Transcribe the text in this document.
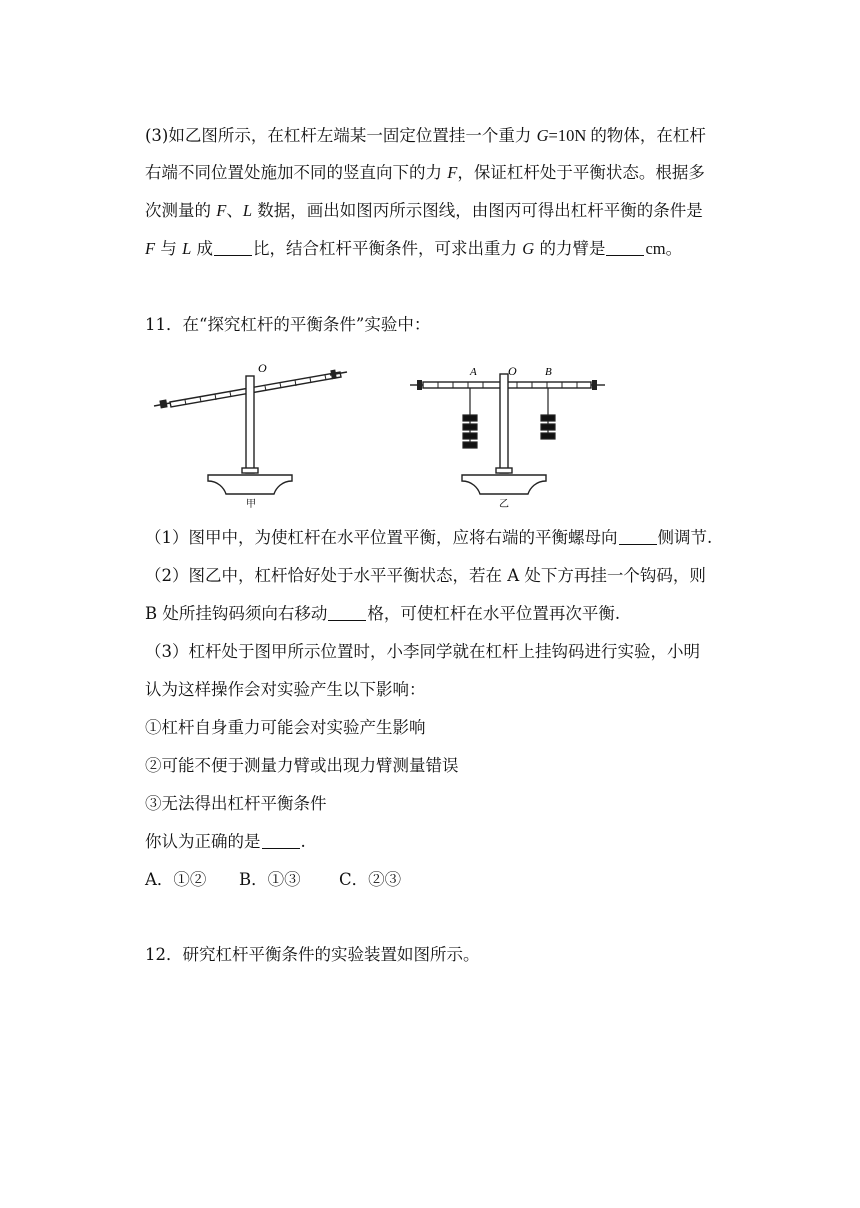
(3)如乙图所示，在杠杆左端某一固定位置挂一个重力 G=10N 的物体，在杠杆
右端不同位置处施加不同的竖直向下的力 F，保证杠杆处于平衡状态。根据多
次测量的 F、L 数据，画出如图丙所示图线，由图丙可得出杠杆平衡的条件是
F 与 L 成 比，结合杠杆平衡条件，可求出重力 G 的力臂是 cm。
11．在“探究杠杆的平衡条件”实验中：
O
甲
A	O	B
乙
（1）图甲中，为使杠杆在水平位置平衡，应将右端的平衡螺母向 侧调节.
（2）图乙中，杠杆恰好处于水平平衡状态，若在 A 处下方再挂一个钩码，则
B 处所挂钩码须向右移动 格，可使杠杆在水平位置再次平衡.
（3）杠杆处于图甲所示位置时，小李同学就在杠杆上挂钩码进行实验，小明
认为这样操作会对实验产生以下影响：
①杠杆自身重力可能会对实验产生影响
②可能不便于测量力臂或出现力臂测量错误
③无法得出杠杆平衡条件
你认为正确的是 .
A．①② B．①③ C．②③
12．研究杠杆平衡条件的实验装置如图所示。
